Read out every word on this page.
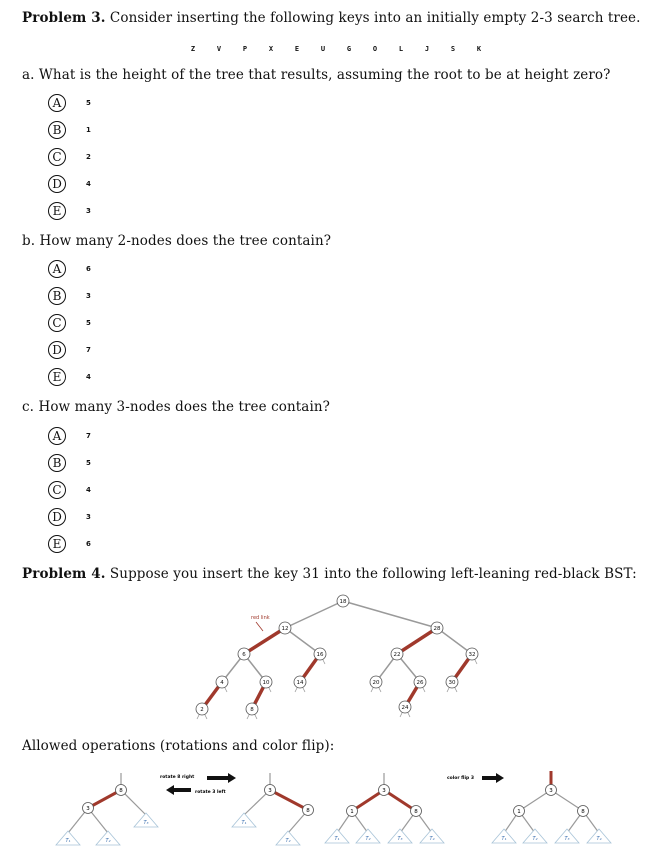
Problem 3. Consider inserting the following keys into an initially empty 2-3 search tree.
Z	V	P	X	E	U	G	O	L	J	S	K
a. What is the height of the tree that results, assuming the root to be at height zero?
A	5
B	1
C	2
D	4
E	3
b. How many 2-nodes does the tree contain?
A	6
B	3
C	5
D	7
E	4
c. How many 3-nodes does the tree contain?
A	7
B	5
C	4
D	3
E	6
Problem 4. Suppose you insert the key 31 into the following left-leaning red-black BST:
red link
18
12	28
6	16	22	32
4	10	14	20	26	30
2	8	24
Allowed operations (rotations and color flip):
8
3
T₃
T₁	T₂
rotate 8 right
rotate 3 left	3
8
T₁
T₂
3
1	8
T₁	T₂	T₃	T₄
color flip 3
3
1	8
T₁	T₂	T₃	T₄
